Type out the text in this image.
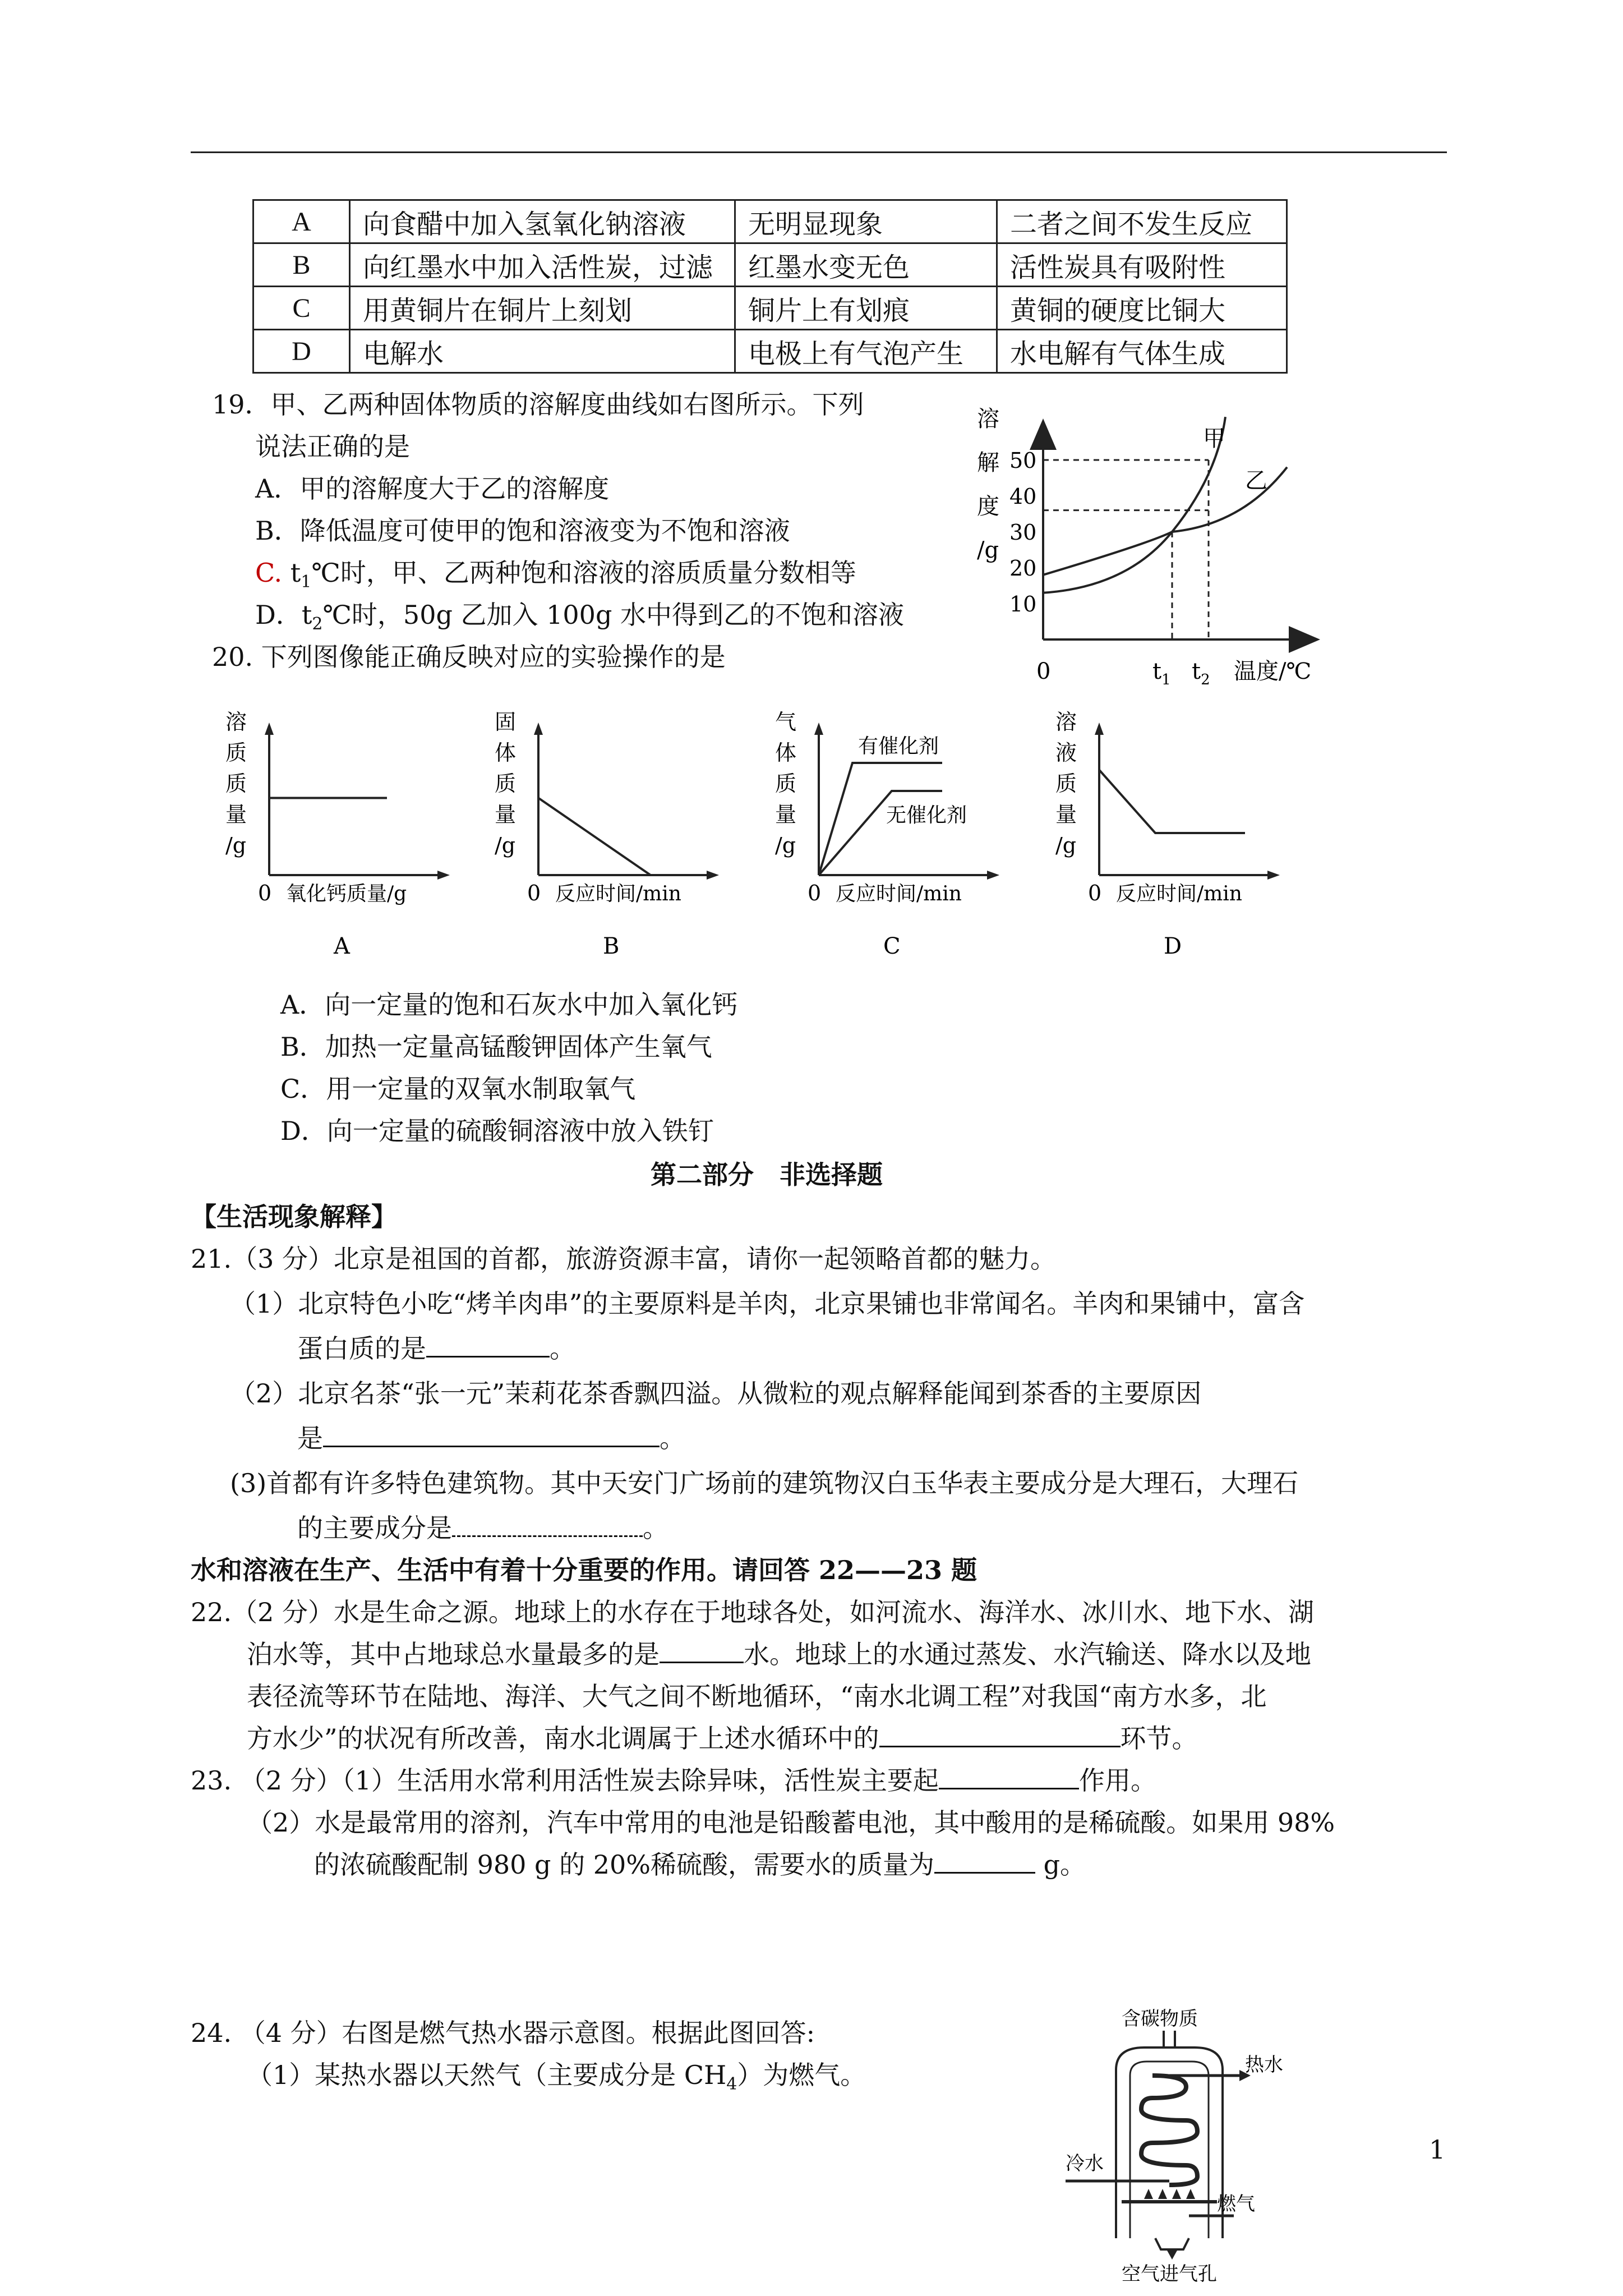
A	向食醋中加入氢氧化钠溶液	无明显现象	二者之间不发生反应
B	向红墨水中加入活性炭，过滤	红墨水变无色	活性炭具有吸附性
C	用黄铜片在铜片上刻划	铜片上有划痕	黄铜的硬度比铜大
D	电解水	电极上有气泡产生	水电解有气体生成
19．甲、乙两种固体物质的溶解度曲线如右图所示。下列
说法正确的是
A．甲的溶解度大于乙的溶解度
B．降低温度可使甲的饱和溶液变为不饱和溶液
C. $t_1℃$时，甲、乙两种饱和溶液的溶质质量分数相等
D．$t_2℃$时，50g 乙加入 100g 水中得到乙的不饱和溶液	10
20
30
40
50
溶
解
度
/g
0	$t_1$ $t_2$ 温度/℃
甲
乙
20. 下列图像能正确反映对应的实验操作的是
溶
质
质
量
/g
0 氧化钙质量/g
A
固
体
质
量
/g
0 反应时间/min
B
气
体
质
量
/g
0 反应时间/min
C
有催化剂
无催化剂
溶
液
质
量
/g
0 反应时间/min
D
A．向一定量的饱和石灰水中加入氧化钙
B．加热一定量高锰酸钾固体产生氧气
C．用一定量的双氧水制取氧气
D．向一定量的硫酸铜溶液中放入铁钉
第二部分　非选择题
【生活现象解释】
21.（3 分）北京是祖国的首都，旅游资源丰富，请你一起领略首都的魅力。
（1）北京特色小吃“烤羊肉串”的主要原料是羊肉，北京果铺也非常闻名。羊肉和果铺中，富含
蛋白质的是	。
（2）北京名茶“张一元”茉莉花茶香飘四溢。从微粒的观点解释能闻到茶香的主要原因
是	。
(3)首都有许多特色建筑物。其中天安门广场前的建筑物汉白玉华表主要成分是大理石，大理石
的主要成分是	。
水和溶液在生产、生活中有着十分重要的作用。请回答 22——23 题
22.（2 分）水是生命之源。地球上的水存在于地球各处，如河流水、海洋水、冰川水、地下水、湖
泊水等，其中占地球总水量最多的是	水。地球上的水通过蒸发、水汽输送、降水以及地
表径流等环节在陆地、海洋、大气之间不断地循环，“南水北调工程”对我国“南方水多，北
方水少”的状况有所改善，南水北调属于上述水循环中的	环节。
23. （2 分）（1）生活用水常利用活性炭去除异味，活性炭主要起	作用。
（2）水是最常用的溶剂，汽车中常用的电池是铅酸蓄电池，其中酸用的是稀硫酸。如果用 98%
的浓硫酸配制 980 g 的 20%稀硫酸，需要水的质量为	g。
24. （4 分）右图是燃气热水器示意图。根据此图回答:
（1）某热水器以天然气（主要成分是 $CH_4$）为燃气。
含碳物质
热水
冷水
燃气
空气进气孔
1
